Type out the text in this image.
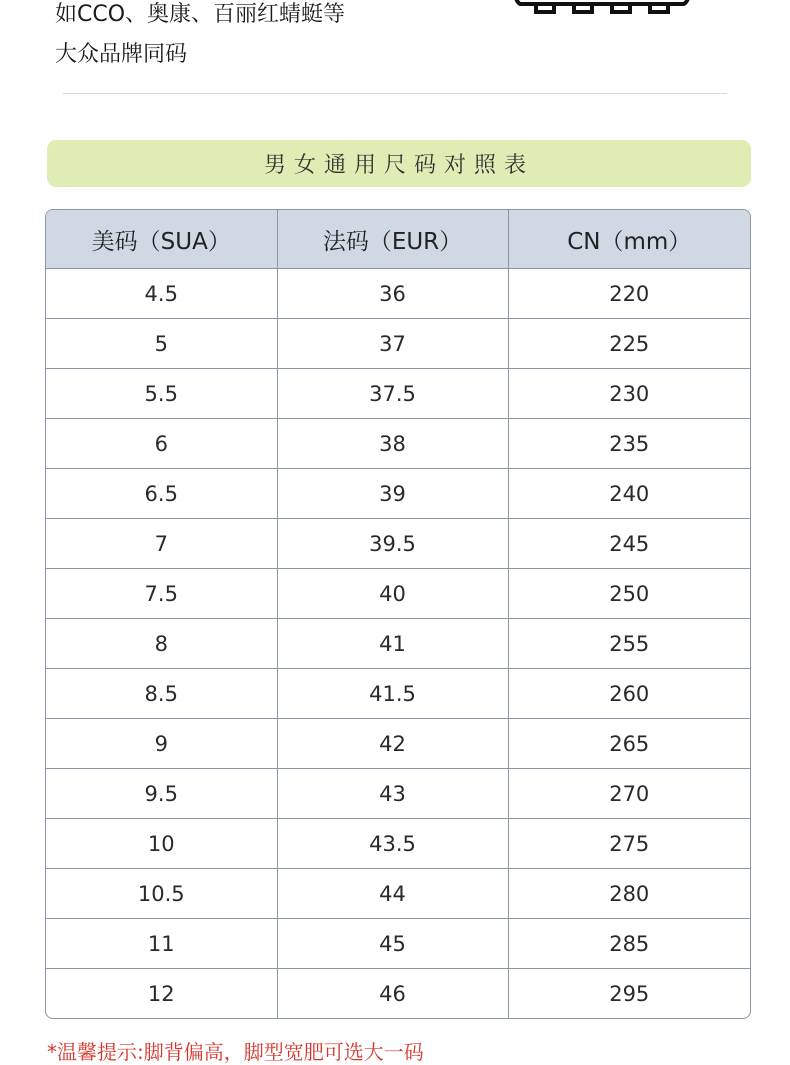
如CCO、奥康、百丽红蜻蜓等
大众品牌同码
男女通用尺码对照表
美码（SUA）	法码（EUR）	CN（mm）
4.5	36	220
5	37	225
5.5	37.5	230
6	38	235
6.5	39	240
7	39.5	245
7.5	40	250
8	41	255
8.5	41.5	260
9	42	265
9.5	43	270
10	43.5	275
10.5	44	280
11	45	285
12	46	295
*温馨提示:脚背偏高，脚型宽肥可选大一码
